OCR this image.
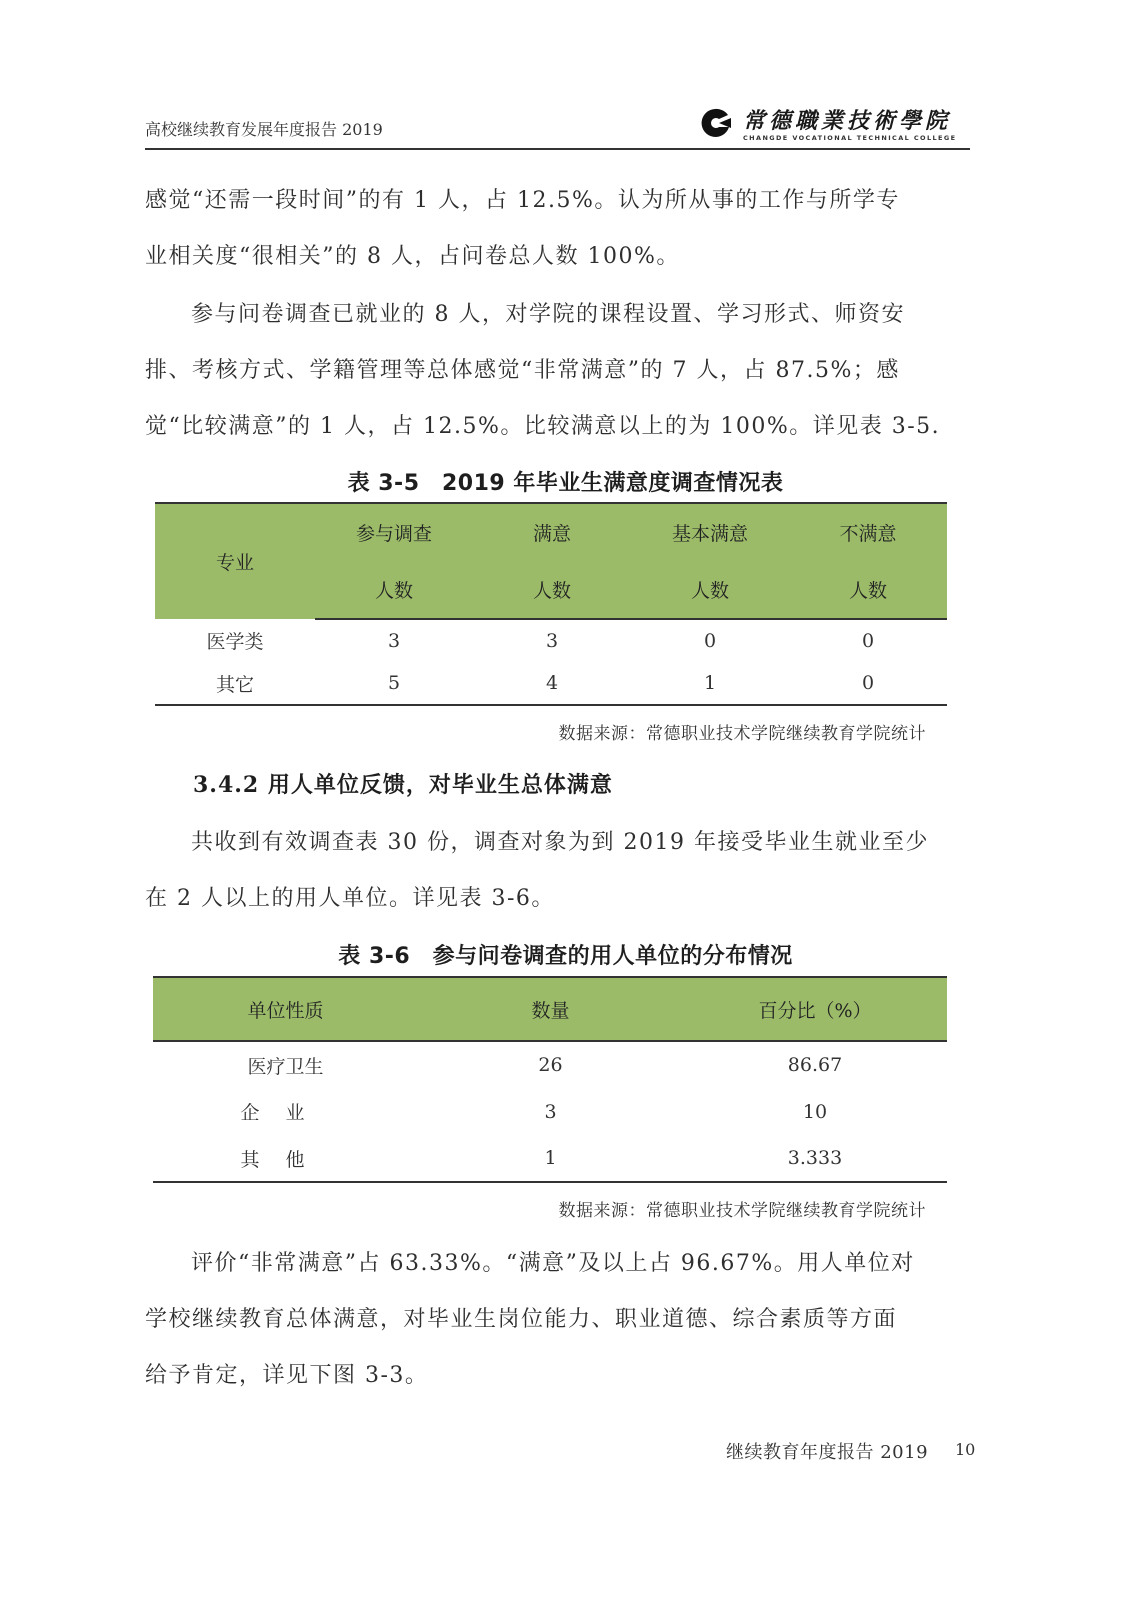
高校继续教育发展年度报告 2019	常德職業技術學院
CHANGDE VOCATIONAL TECHNICAL COLLEGE
感觉“还需一段时间”的有 1 人，占 12.5%。认为所从事的工作与所学专
业相关度“很相关”的 8 人，占问卷总人数 100%。
参与问卷调查已就业的 8 人，对学院的课程设置、学习形式、师资安
排、考核方式、学籍管理等总体感觉“非常满意”的 7 人，占 87.5%；感
觉“比较满意”的 1 人，占 12.5%。比较满意以上的为 100%。详见表 3-5.
表 3-5　2019 年毕业生满意度调查情况表
专业	参与调查	满意	基本满意	不满意
	人数	人数	人数	人数
医学类	3	3	0	0
其它	5	4	1	0
数据来源：常德职业技术学院继续教育学院统计
3.4.2 用人单位反馈，对毕业生总体满意
共收到有效调查表 30 份，调查对象为到 2019 年接受毕业生就业至少
在 2 人以上的用人单位。详见表 3-6。
表 3-6　参与问卷调查的用人单位的分布情况
单位性质	数量	百分比（%）
医疗卫生	26	86.67
企业	3	10
其他	1	3.333
数据来源：常德职业技术学院继续教育学院统计
评价“非常满意”占 63.33%。“满意”及以上占 96.67%。用人单位对
学校继续教育总体满意，对毕业生岗位能力、职业道德、综合素质等方面
给予肯定，详见下图 3-3。
继续教育年度报告 2019 10
